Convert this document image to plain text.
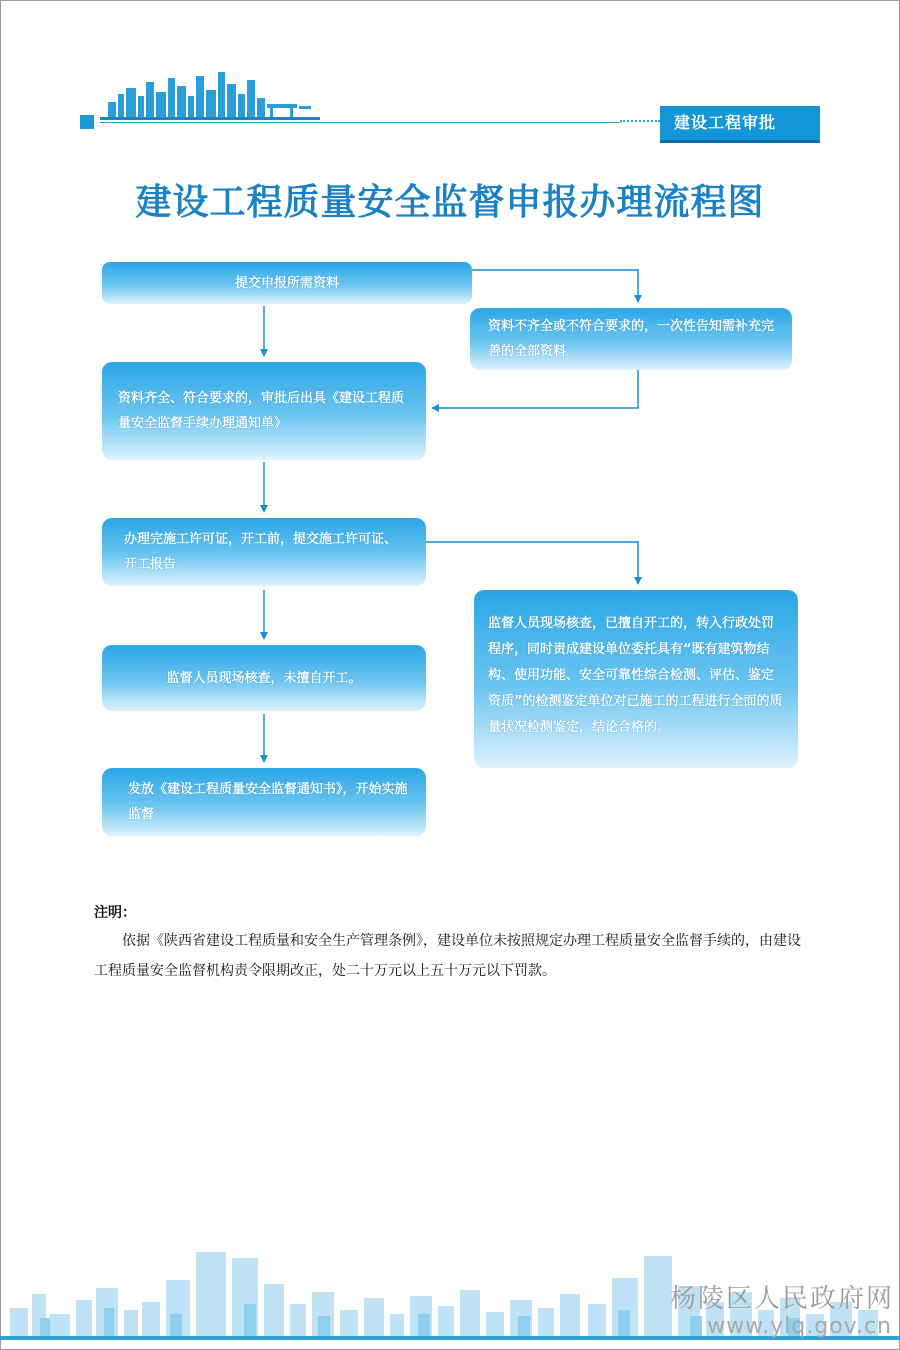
建设工程审批
建设工程质量安全监督申报办理流程图
提交申报所需资料
资料不齐全或不符合要求的，一次性告知需补充完善的全部资料
资料齐全、符合要求的，审批后出具《建设工程质量安全监督手续办理通知单》
办理完施工许可证，开工前，提交施工许可证、开工报告
监督人员现场核查，未擅自开工。
监督人员现场核查，已擅自开工的，转入行政处罚程序，同时责成建设单位委托具有“既有建筑物结构、使用功能、安全可靠性综合检测、评估、鉴定资质”的检测鉴定单位对已施工的工程进行全面的质量状况检测鉴定，结论合格的。
发放《建设工程质量安全监督通知书》，开始实施监督
注明：
依据《陕西省建设工程质量和安全生产管理条例》，建设单位未按照规定办理工程质量安全监督手续的，由建设工程质量安全监督机构责令限期改正，处二十万元以上五十万元以下罚款。
杨陵区人民政府网
www.ylq.gov.cn
